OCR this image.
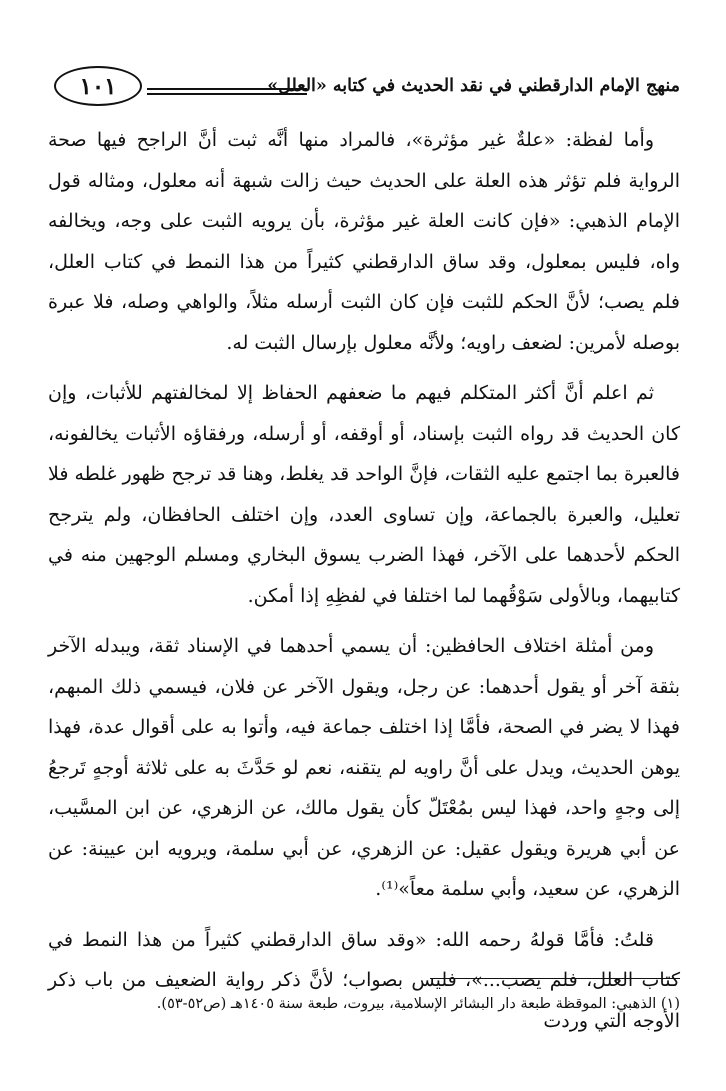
منهج الإمام الدارقطني في نقد الحديث في كتابه «العلل»
١٠١

وأما لفظة: «علةٌ غير مؤثرة»، فالمراد منها أنَّه ثبت أنَّ الراجح فيها صحة الرواية فلم تؤثر هذه العلة على الحديث حيث زالت شبهة أنه معلول، ومثاله قول الإمام الذهبي: «فإن كانت العلة غير مؤثرة، بأن يرويه الثبت على وجه، ويخالفه واه، فليس بمعلول، وقد ساق الدارقطني كثيراً من هذا النمط في كتاب العلل، فلم يصب؛ لأنَّ الحكم للثبت فإن كان الثبت أرسله مثلاً، والواهي وصله، فلا عبرة بوصله لأمرين: لضعف راويه؛ ولأنَّه معلول بإرسال الثبت له.

ثم اعلم أنَّ أكثر المتكلم فيهم ما ضعفهم الحفاظ إلا لمخالفتهم للأثبات، وإن كان الحديث قد رواه الثبت بإسناد، أو أوقفه، أو أرسله، ورفقاؤه الأثبات يخالفونه، فالعبرة بما اجتمع عليه الثقات، فإنَّ الواحد قد يغلط، وهنا قد ترجح ظهور غلطه فلا تعليل، والعبرة بالجماعة، وإن تساوى العدد، وإن اختلف الحافظان، ولم يترجح الحكم لأحدهما على الآخر، فهذا الضرب يسوق البخاري ومسلم الوجهين منه في كتابيهما، وبالأولى سَوْقُهما لما اختلفا في لفظِهِ إذا أمكن.

ومن أمثلة اختلاف الحافظين: أن يسمي أحدهما في الإسناد ثقة، ويبدله الآخر بثقة آخر أو يقول أحدهما: عن رجل، ويقول الآخر عن فلان، فيسمي ذلك المبهم، فهذا لا يضر في الصحة، فأمَّا إذا اختلف جماعة فيه، وأتوا به على أقوال عدة، فهذا يوهن الحديث، ويدل على أنَّ راويه لم يتقنه، نعم لو حَدَّثَ به على ثلاثة أوجهٍ تَرجعُ إلى وجهٍ واحد، فهذا ليس بمُعْتَلّ كأن يقول مالك، عن الزهري، عن ابن المسَّيب، عن أبي هريرة ويقول عقيل: عن الزهري، عن أبي سلمة، ويرويه ابن عيينة: عن الزهري، عن سعيد، وأبي سلمة معاً»⁽¹⁾.

قلتُ: فأمَّا قولهُ رحمه الله: «وقد ساق الدارقطني كثيراً من هذا النمط في كتاب العلل، فلم يصب...»، فليس بصواب؛ لأنَّ ذكر رواية الضعيف من باب ذكر الأوجه التي وردت

(١) الذهبي: الموقظة طبعة دار البشائر الإسلامية، بيروت، طبعة سنة ١٤٠٥هـ (ص٥٢-٥٣).
